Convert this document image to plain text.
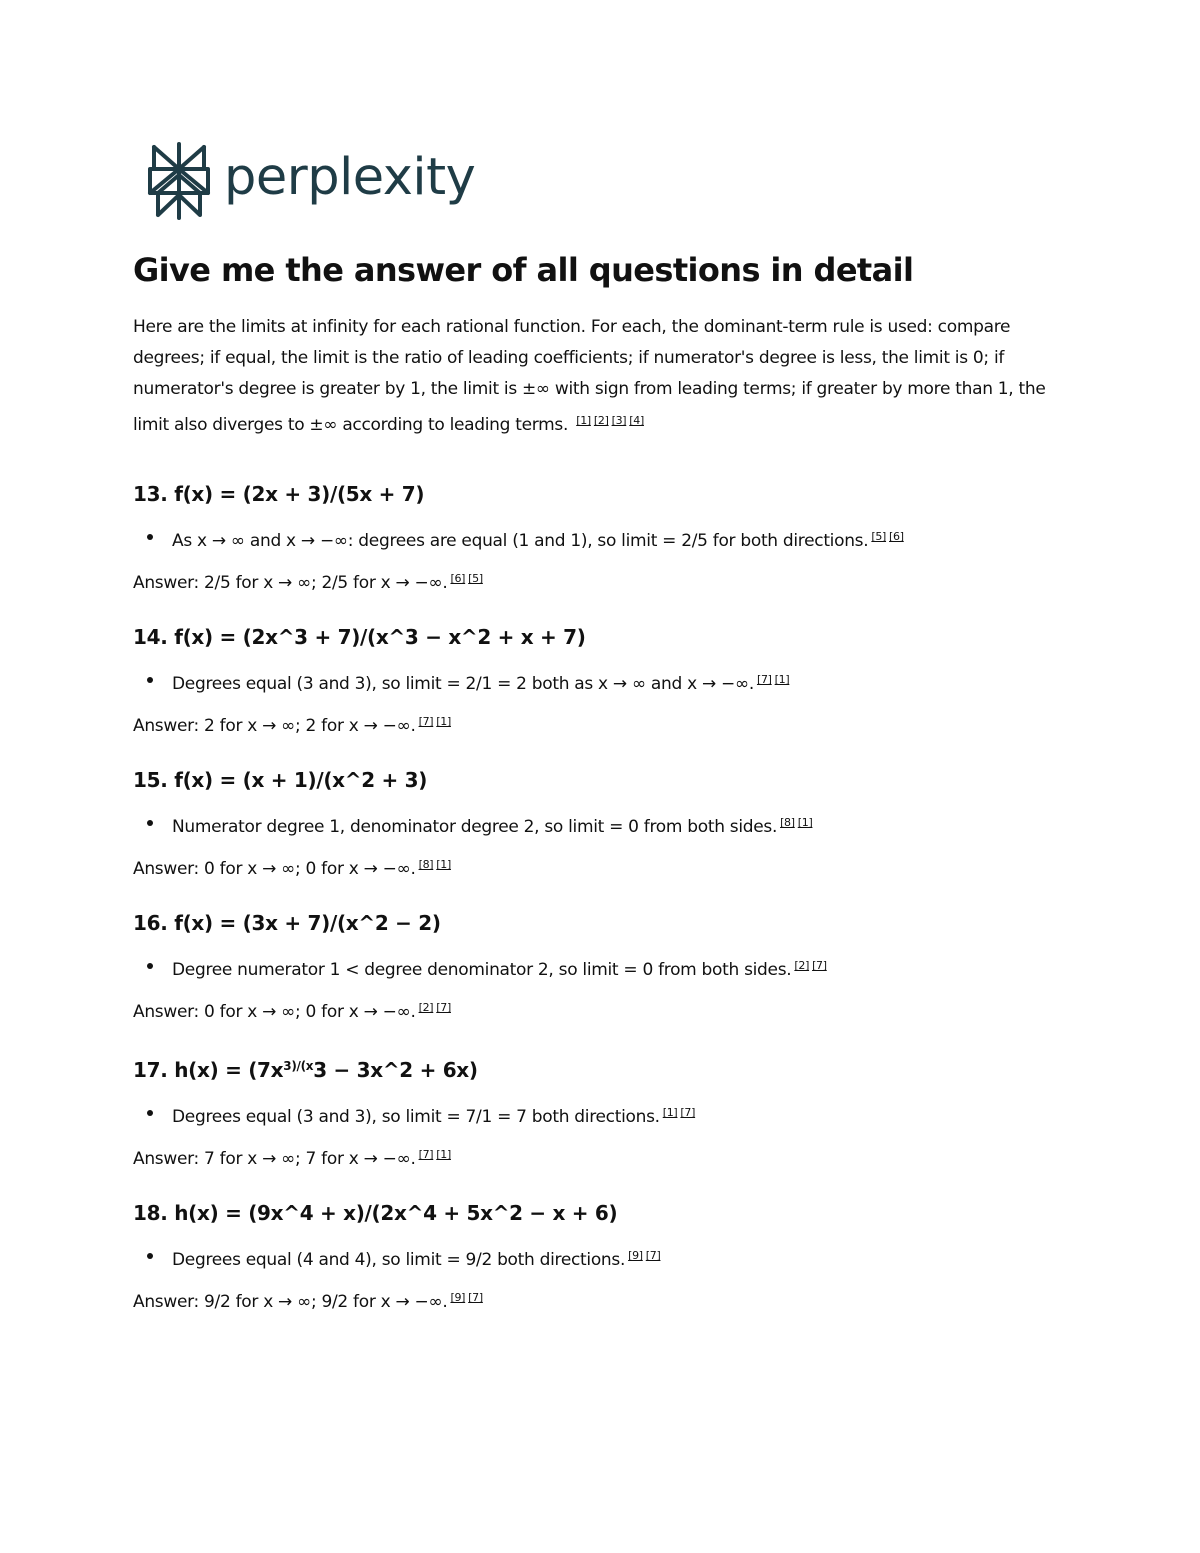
perplexity
Give me the answer of all questions in detail

Here are the limits at infinity for each rational function. For each, the dominant-term rule is used: compare degrees; if equal, the limit is the ratio of leading coefficients; if numerator's degree is less, the limit is 0; if numerator's degree is greater by 1, the limit is ±∞ with sign from leading terms; if greater by more than 1, the limit also diverges to ±∞ according to leading terms. [1] [2] [3] [4]

13. f(x) = (2x + 3)/(5x + 7)
As x → ∞ and x → −∞: degrees are equal (1 and 1), so limit = 2/5 for both directions. [5] [6]

Answer: 2/5 for x → ∞; 2/5 for x → −∞. [6] [5]

14. f(x) = (2x^3 + 7)/(x^3 − x^2 + x + 7)
Degrees equal (3 and 3), so limit = 2/1 = 2 both as x → ∞ and x → −∞. [7] [1]

Answer: 2 for x → ∞; 2 for x → −∞. [7] [1]

15. f(x) = (x + 1)/(x^2 + 3)
Numerator degree 1, denominator degree 2, so limit = 0 from both sides. [8] [1]

Answer: 0 for x → ∞; 0 for x → −∞. [8] [1]

16. f(x) = (3x + 7)/(x^2 − 2)
Degree numerator 1 < degree denominator 2, so limit = 0 from both sides. [2] [7]

Answer: 0 for x → ∞; 0 for x → −∞. [2] [7]

17. $h(x) = (7x^{3)/(x}3$ − 3x^2 + 6x)
Degrees equal (3 and 3), so limit = 7/1 = 7 both directions. [1] [7]

Answer: 7 for x → ∞; 7 for x → −∞. [7] [1]

18. h(x) = (9x^4 + x)/(2x^4 + 5x^2 − x + 6)
Degrees equal (4 and 4), so limit = 9/2 both directions. [9] [7]

Answer: 9/2 for x → ∞; 9/2 for x → −∞. [9] [7]
